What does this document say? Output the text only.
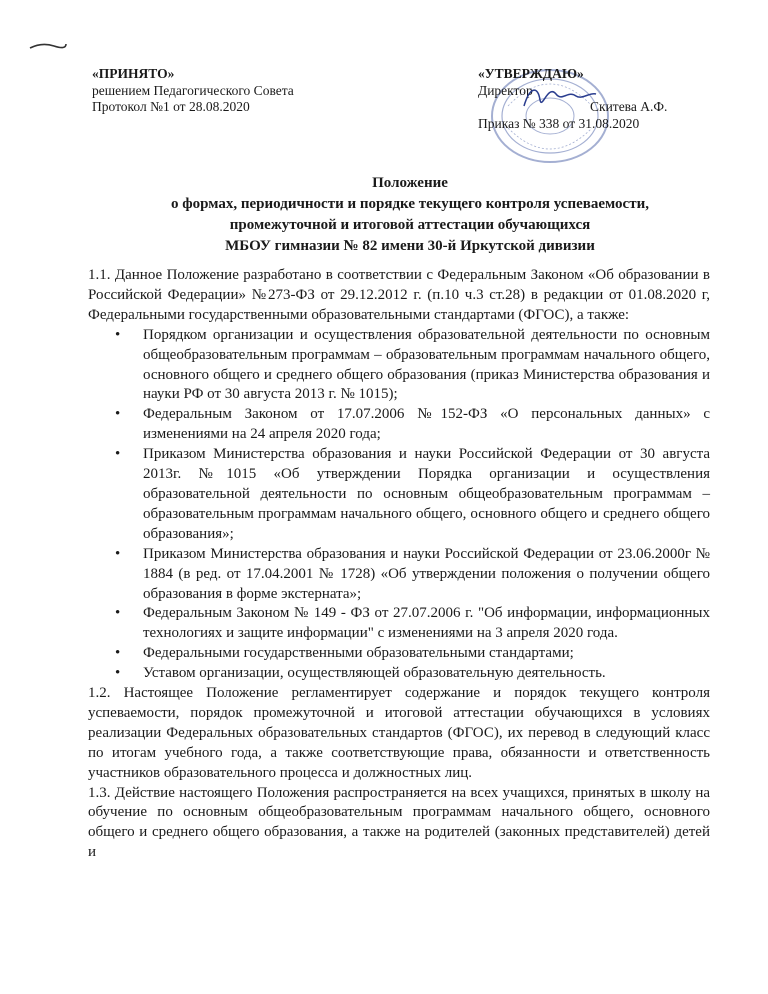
«ПРИНЯТО»
решением Педагогического Совета
Протокол №1 от 28.08.2020
«УТВЕРЖДАЮ»
Директор
Скитева А.Ф.
Приказ № 338 от 31.08.2020
Положение
о формах, периодичности и порядке текущего контроля успеваемости,
промежуточной и итоговой аттестации обучающихся
МБОУ гимназии № 82 имени 30-й Иркутской дивизии

1.1. Данное Положение разработано в соответствии с Федеральным Законом «Об образовании в Российской Федерации» №273-ФЗ от 29.12.2012 г. (п.10 ч.3 ст.28) в редакции от 01.08.2020 г, Федеральными государственными образовательными стандартами (ФГОС), а также:

• Порядком организации и осуществления образовательной деятельности по основным общеобразовательным программам – образовательным программам начального общего, основного общего и среднего общего образования (приказ Министерства образования и науки РФ от 30 августа 2013 г. № 1015);
• Федеральным Законом от 17.07.2006 №152-ФЗ «О персональных данных» с изменениями на 24 апреля 2020 года;
• Приказом Министерства образования и науки Российской Федерации от 30 августа 2013г. №1015 «Об утверждении Порядка организации и осуществления образовательной деятельности по основным общеобразовательным программам – образовательным программам начального общего, основного общего и среднего общего образования»;
• Приказом Министерства образования и науки Российской Федерации от 23.06.2000г № 1884 (в ред. от 17.04.2001 № 1728) «Об утверждении положения о получении общего образования в форме экстерната»;
• Федеральным Законом № 149 - ФЗ от 27.07.2006 г. "Об информации, информационных технологиях и защите информации" с изменениями на 3 апреля 2020 года.
• Федеральными государственными образовательными стандартами;
• Уставом организации, осуществляющей образовательную деятельность.

1.2. Настоящее Положение регламентирует содержание и порядок текущего контроля успеваемости, порядок промежуточной и итоговой аттестации обучающихся в условиях реализации Федеральных образовательных стандартов (ФГОС), их перевод в следующий класс по итогам учебного года, а также соответствующие права, обязанности и ответственность участников образовательного процесса и должностных лиц.

1.3. Действие настоящего Положения распространяется на всех учащихся, принятых в школу на обучение по основным общеобразовательным программам начального общего, основного общего и среднего общего образования, а также на родителей (законных представителей) детей и
